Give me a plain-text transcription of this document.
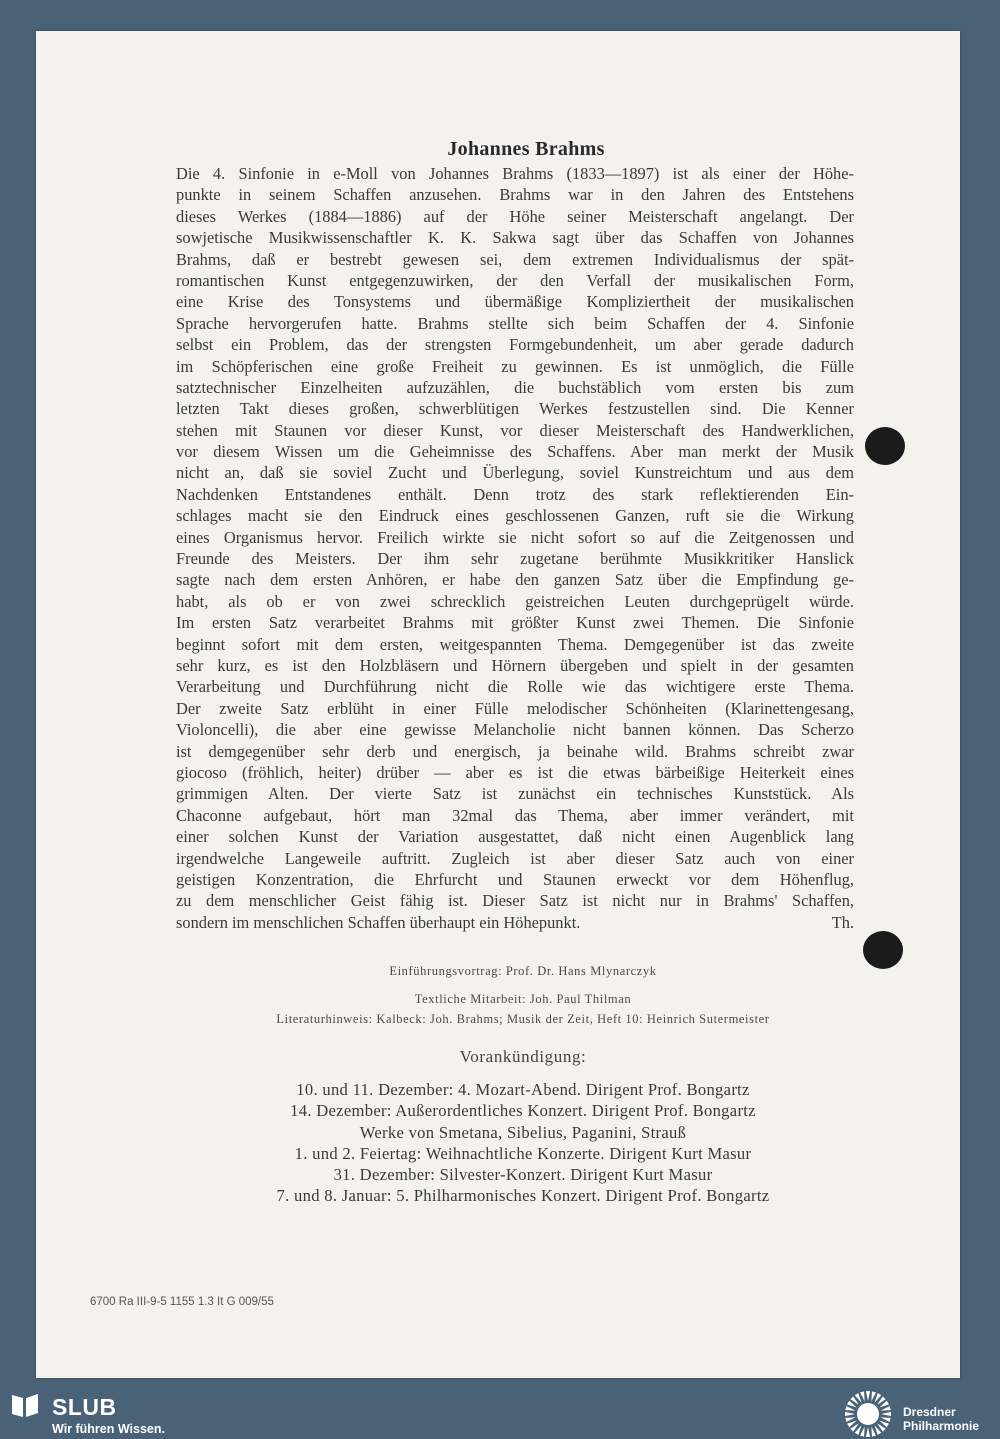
Johannes Brahms
Die 4. Sinfonie in e-Moll von Johannes Brahms (1833—1897) ist als einer der Höhe-
punkte in seinem Schaffen anzusehen. Brahms war in den Jahren des Entstehens
dieses Werkes (1884—1886) auf der Höhe seiner Meisterschaft angelangt. Der
sowjetische Musikwissenschaftler K. K. Sakwa sagt über das Schaffen von Johannes
Brahms, daß er bestrebt gewesen sei, dem extremen Individualismus der spät-
romantischen Kunst entgegenzuwirken, der den Verfall der musikalischen Form,
eine Krise des Tonsystems und übermäßige Kompliziertheit der musikalischen
Sprache hervorgerufen hatte. Brahms stellte sich beim Schaffen der 4. Sinfonie
selbst ein Problem, das der strengsten Formgebundenheit, um aber gerade dadurch
im Schöpferischen eine große Freiheit zu gewinnen. Es ist unmöglich, die Fülle
satztechnischer Einzelheiten aufzuzählen, die buchstäblich vom ersten bis zum
letzten Takt dieses großen, schwerblütigen Werkes festzustellen sind. Die Kenner
stehen mit Staunen vor dieser Kunst, vor dieser Meisterschaft des Handwerklichen,
vor diesem Wissen um die Geheimnisse des Schaffens. Aber man merkt der Musik
nicht an, daß sie soviel Zucht und Überlegung, soviel Kunstreichtum und aus dem
Nachdenken Entstandenes enthält. Denn trotz des stark reflektierenden Ein-
schlages macht sie den Eindruck eines geschlossenen Ganzen, ruft sie die Wirkung
eines Organismus hervor. Freilich wirkte sie nicht sofort so auf die Zeitgenossen und
Freunde des Meisters. Der ihm sehr zugetane berühmte Musikkritiker Hanslick
sagte nach dem ersten Anhören, er habe den ganzen Satz über die Empfindung ge-
habt, als ob er von zwei schrecklich geistreichen Leuten durchgeprügelt würde.
Im ersten Satz verarbeitet Brahms mit größter Kunst zwei Themen. Die Sinfonie
beginnt sofort mit dem ersten, weitgespannten Thema. Demgegenüber ist das zweite
sehr kurz, es ist den Holzbläsern und Hörnern übergeben und spielt in der gesamten
Verarbeitung und Durchführung nicht die Rolle wie das wichtigere erste Thema.
Der zweite Satz erblüht in einer Fülle melodischer Schönheiten (Klarinettengesang,
Violoncelli), die aber eine gewisse Melancholie nicht bannen können. Das Scherzo
ist demgegenüber sehr derb und energisch, ja beinahe wild. Brahms schreibt zwar
giocoso (fröhlich, heiter) drüber — aber es ist die etwas bärbeißige Heiterkeit eines
grimmigen Alten. Der vierte Satz ist zunächst ein technisches Kunststück. Als
Chaconne aufgebaut, hört man 32mal das Thema, aber immer verändert, mit
einer solchen Kunst der Variation ausgestattet, daß nicht einen Augenblick lang
irgendwelche Langeweile auftritt. Zugleich ist aber dieser Satz auch von einer
geistigen Konzentration, die Ehrfurcht und Staunen erweckt vor dem Höhenflug,
zu dem menschlicher Geist fähig ist. Dieser Satz ist nicht nur in Brahms' Schaffen,
sondern im menschlichen Schaffen überhaupt ein Höhepunkt.	Th.
Einführungsvortrag: Prof. Dr. Hans Mlynarczyk
Textliche Mitarbeit: Joh. Paul Thilman
Literaturhinweis: Kalbeck: Joh. Brahms; Musik der Zeit, Heft 10: Heinrich Sutermeister
Vorankündigung:
10. und 11. Dezember: 4. Mozart-Abend. Dirigent Prof. Bongartz
14. Dezember: Außerordentliches Konzert. Dirigent Prof. Bongartz
Werke von Smetana, Sibelius, Paganini, Strauß
1. und 2. Feiertag: Weihnachtliche Konzerte. Dirigent Kurt Masur
31. Dezember: Silvester-Konzert. Dirigent Kurt Masur
7. und 8. Januar: 5. Philharmonisches Konzert. Dirigent Prof. Bongartz
6700 Ra III-9-5 1155 1.3 It G 009/55
SLUB
Wir führen Wissen.
Dresdner
Philharmonie
